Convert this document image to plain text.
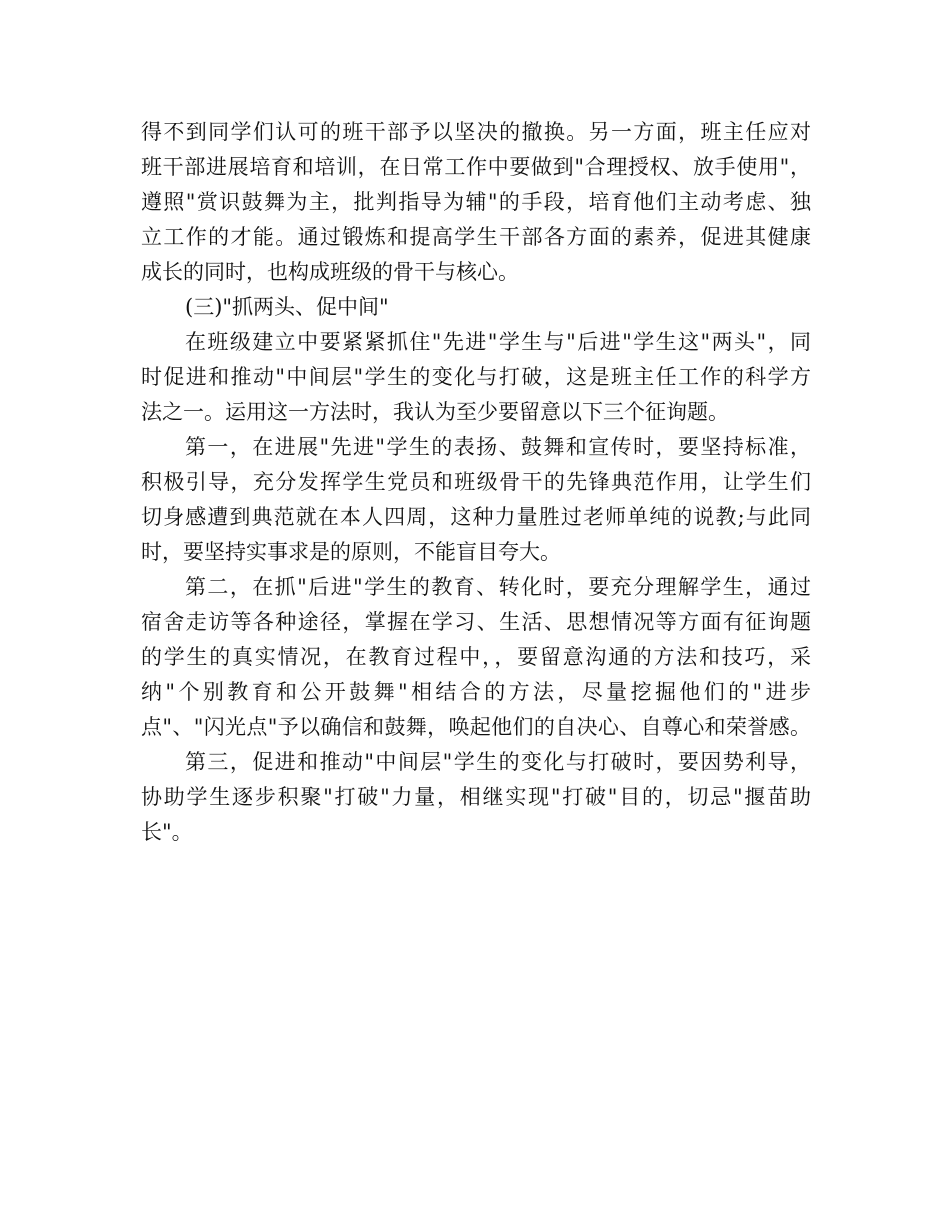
得不到同学们认可的班干部予以坚决的撤换。另一方面，班主任应对
班干部进展培育和培训，在日常工作中要做到"合理授权、放手使用"，
遵照"赏识鼓舞为主，批判指导为辅"的手段，培育他们主动考虑、独
立工作的才能。通过锻炼和提高学生干部各方面的素养，促进其健康
成长的同时，也构成班级的骨干与核心。
(三)"抓两头、促中间"
在班级建立中要紧紧抓住"先进"学生与"后进"学生这"两头"，同
时促进和推动"中间层"学生的变化与打破，这是班主任工作的科学方
法之一。运用这一方法时，我认为至少要留意以下三个征询题。
第一，在进展"先进"学生的表扬、鼓舞和宣传时，要坚持标准，
积极引导，充分发挥学生党员和班级骨干的先锋典范作用，让学生们
切身感遭到典范就在本人四周，这种力量胜过老师单纯的说教;与此同
时，要坚持实事求是的原则，不能盲目夸大。
第二，在抓"后进"学生的教育、转化时，要充分理解学生，通过
宿舍走访等各种途径，掌握在学习、生活、思想情况等方面有征询题
的学生的真实情况，在教育过程中，，要留意沟通的方法和技巧，采
纳"个别教育和公开鼓舞"相结合的方法，尽量挖掘他们的"进步
点"、"闪光点"予以确信和鼓舞，唤起他们的自决心、自尊心和荣誉感。
第三，促进和推动"中间层"学生的变化与打破时，要因势利导，
协助学生逐步积聚"打破"力量，相继实现"打破"目的，切忌"揠苗助
长"。
